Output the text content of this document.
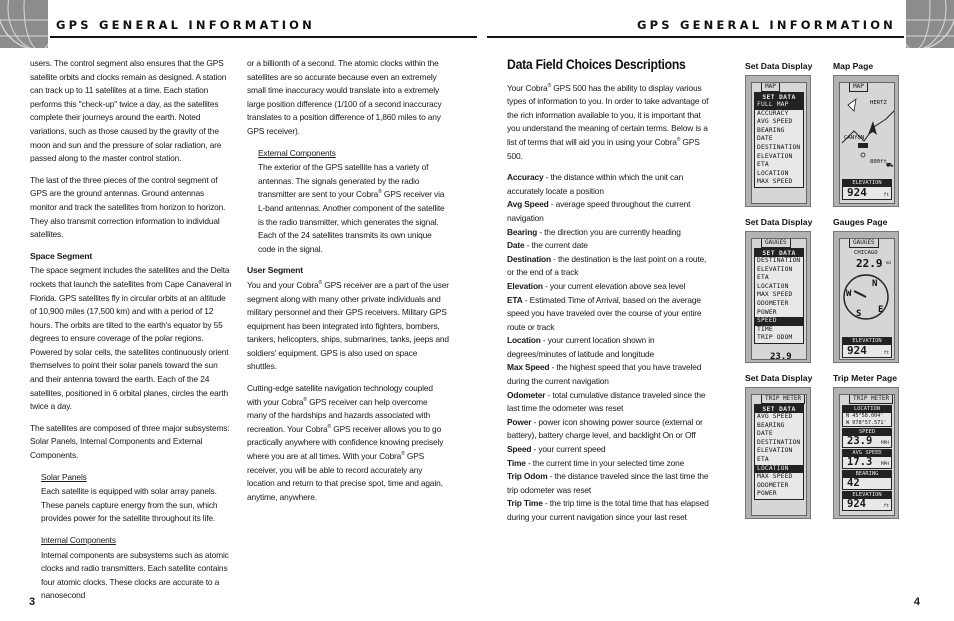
GPS GENERAL INFORMATION

users. The control segment also ensures that the GPS satellite orbits and clocks remain as designed. A station can track up to 11 satellites at a time. Each station performs this "check-up" twice a day, as the satellites complete their journeys around the earth. Noted variations, such as those caused by the gravity of the moon and sun and the pressure of solar radiation, are passed along to the master control station.

The last of the three pieces of the control segment of GPS are the ground antennas. Ground antennas monitor and track the satellites from horizon to horizon. They also transmit correction information to individual satellites.

Space Segment

The space segment includes the satellites and the Delta rockets that launch the satellites from Cape Canaveral in Florida. GPS satellites fly in circular orbits at an altitude of 10,900 miles (17,500 km) and with a period of 12 hours. The orbits are tilted to the earth's equator by 55 degrees to ensure coverage of the polar regions. Powered by solar cells, the satellites continuously orient themselves to point their solar panels toward the sun and their antenna toward the earth. Each of the 24 satellites, positioned in 6 orbital planes, circles the earth twice a day.

The satellites are composed of three major subsystems: Solar Panels, Internal Components and External Components.

Solar Panels

Each satellite is equipped with solar array panels. These panels capture energy from the sun, which provides power for the satellite throughout its life.

Internal Components

Internal components are subsystems such as atomic clocks and radio transmitters. Each satellite contains four atomic clocks. These clocks are accurate to a nanosecond

or a billionth of a second. The atomic clocks within the satellites are so accurate because even an extremely small time inaccuracy would translate into a extremely large position difference (1/100 of a second inaccuracy translates to a position difference of 1,860 miles to any GPS receiver).

External Components

The exterior of the GPS satellite has a variety of antennas. The signals generated by the radio transmitter are sent to your Cobra® GPS receiver via L-band antennas. Another component of the satellite is the radio transmitter, which generates the signal. Each of the 24 satellites transmits its own unique code in the signal.

User Segment

You and your Cobra® GPS receiver are a part of the user segment along with many other private individuals and military personnel and their GPS receivers. Military GPS equipment has been integrated into fighters, bombers, tankers, helicopters, ships, submarines, tanks, jeeps and soldiers' equipment. GPS is also used on space shuttles.

Cutting-edge satellite navigation technology coupled with your Cobra® GPS receiver can help overcome many of the hardships and hazards associated with recreation. Your Cobra® GPS receiver allows you to go practically anywhere with confidence knowing precisely where you are at all times. With your Cobra® GPS receiver, you will be able to record accurately any location and return to that precise spot, time and again, anytime, anywhere.

3
GPS GENERAL INFORMATION
Data Field Choices Descriptions

Your Cobra® GPS 500 has the ability to display various types of information to you. In order to take advantage of the rich information available to you, it is important that you understand the meaning of certain terms. Below is a list of terms that will aid you in using your Cobra® GPS 500.

Accuracy - the distance within which the unit can accurately locate a position

Avg Speed - average speed throughout the current navigation

Bearing - the direction you are currently heading

Date - the current date

Destination - the destination is the last point on a route, or the end of a track

Elevation - your current elevation above sea level

ETA - Estimated Time of Arrival, based on the average speed you have traveled over the course of your entire route or track

Location - your current location shown in degrees/minutes of latitude and longitude

Max Speed - the highest speed that you have traveled during the current navigation

Odometer - total cumulative distance traveled since the last time the odometer was reset

Power - power icon showing power source (external or battery), battery charge level, and backlight On or Off

Speed - your current speed

Time - the current time in your selected time zone

Trip Odom - the distance traveled since the last time the trip odometer was reset

Trip Time - the trip time is the total time that has elapsed during your current navigation since your last reset

Set Data Display Map Page
Set Data Display Gauges Page
Set Data Display Trip Meter Page
MAP
SET DATA
FULL MAP
ACCURACY
AVG SPEED
BEARING
DATE
DESTINATION
ELEVATION
ETA
LOCATION
MAX SPEED
MAP
⛟
HERTZ
CANYON
800ft
ELEVATION
924	ft
GAUGES
SET DATA
DESTINATION
ELEVATION
ETA
LOCATION
MAX SPEED
ODOMETER
POWER
SPEED
TIME
TRIP ODOM
23.9
GAUGES
CHICAGO
22.9 mi
N
W
S E
ELEVATION
924	ft
TRIP METER
SET DATA
AVG SPEED
BEARING
DATE
DESTINATION
ELEVATION
ETA
LOCATION
MAX SPEED
ODOMETER
POWER
TRIP METER
LOCATION
N 45°58.004'
W 078°57.571'
SPEED
23.9	MPH
AVG SPEED
17.3	MPH
BEARING
42
ELEVATION
924	ft
4
